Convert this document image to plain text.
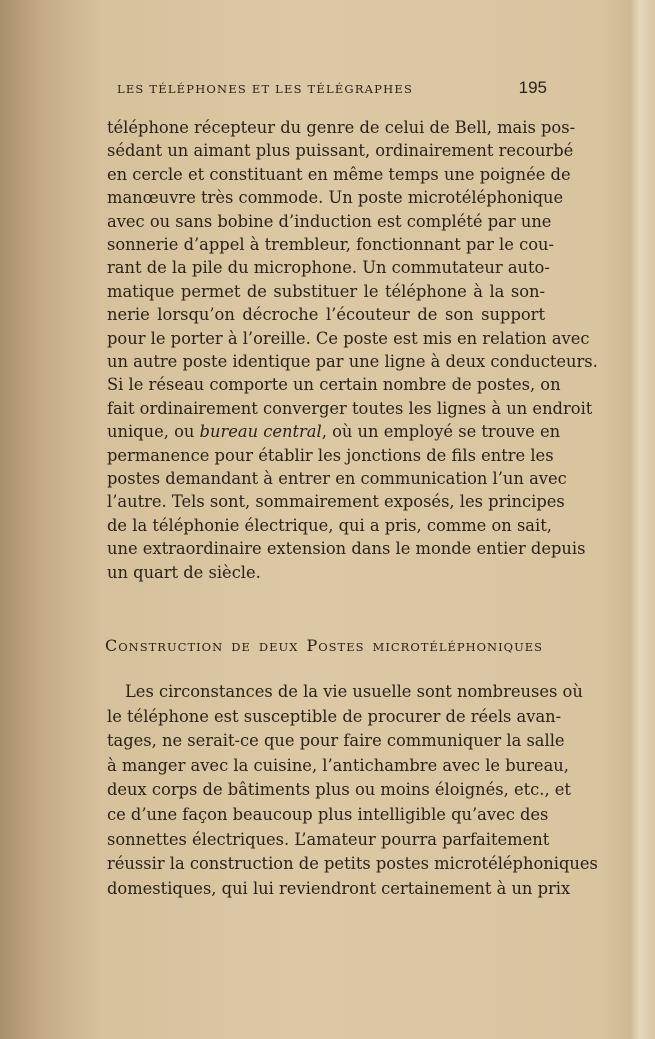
LES TÉLÉPHONES ET LES TÉLÉGRAPHES	195
téléphone récepteur du genre de celui de Bell, mais pos-
sédant un aimant plus puissant, ordinairement recourbé
en cercle et constituant en même temps une poignée de
manœuvre très commode. Un poste microtéléphonique
avec ou sans bobine d’induction est complété par une
sonnerie d’appel à trembleur, fonctionnant par le cou-
rant de la pile du microphone. Un commutateur auto-
matique permet de substituer le téléphone à la son-
nerie lorsqu’on décroche l’écouteur de son support
pour le porter à l’oreille. Ce poste est mis en relation avec
un autre poste identique par une ligne à deux conducteurs.
Si le réseau comporte un certain nombre de postes, on
fait ordinairement converger toutes les lignes à un endroit
unique, ou bureau central, où un employé se trouve en
permanence pour établir les jonctions de fils entre les
postes demandant à entrer en communication l’un avec
l’autre. Tels sont, sommairement exposés, les principes
de la téléphonie électrique, qui a pris, comme on sait,
une extraordinaire extension dans le monde entier depuis
un quart de siècle.
CONSTRUCTION DE DEUX POSTES MICROTÉLÉPHONIQUES
Les circonstances de la vie usuelle sont nombreuses où
le téléphone est susceptible de procurer de réels avan-
tages, ne serait-ce que pour faire communiquer la salle
à manger avec la cuisine, l’antichambre avec le bureau,
deux corps de bâtiments plus ou moins éloignés, etc., et
ce d’une façon beaucoup plus intelligible qu’avec des
sonnettes électriques. L’amateur pourra parfaitement
réussir la construction de petits postes microtéléphoniques
domestiques, qui lui reviendront certainement à un prix
